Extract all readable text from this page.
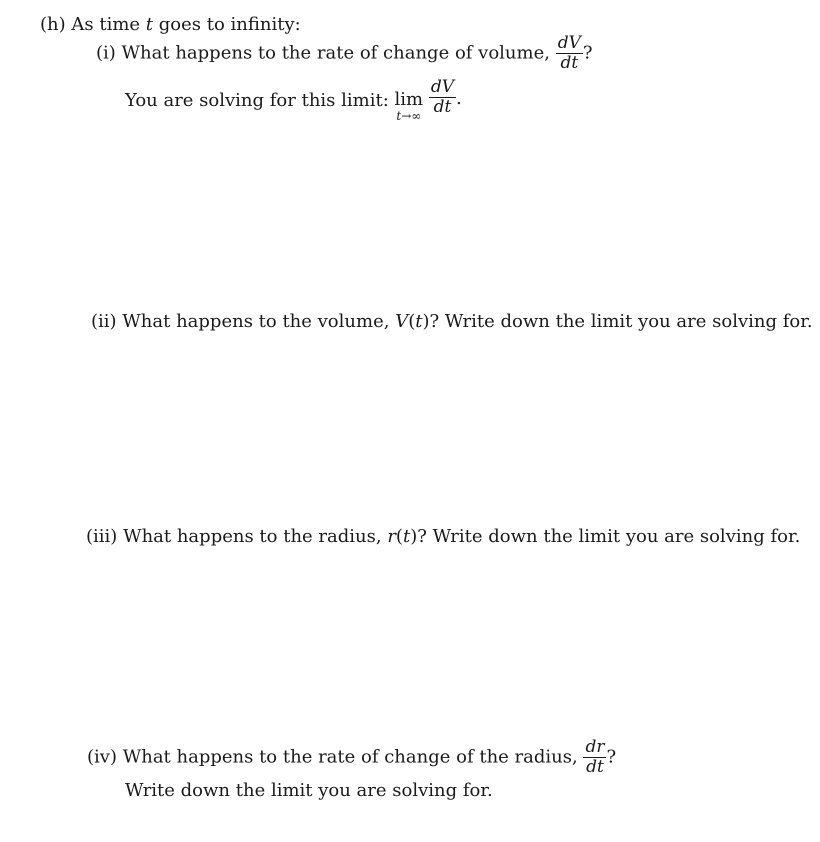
(h) As time t goes to infinity:
(i) What happens to the rate of change of volume, $\frac{dV}{dt}$ ?
You are solving for this limit: lim
t→∞
$\frac{dV}{dt}$ .
(ii) What happens to the volume, V(t)? Write down the limit you are solving for.
(iii) What happens to the radius, r(t)? Write down the limit you are solving for.
(iv) What happens to the rate of change of the radius, $\frac{dr}{dt}$ ?
Write down the limit you are solving for.
